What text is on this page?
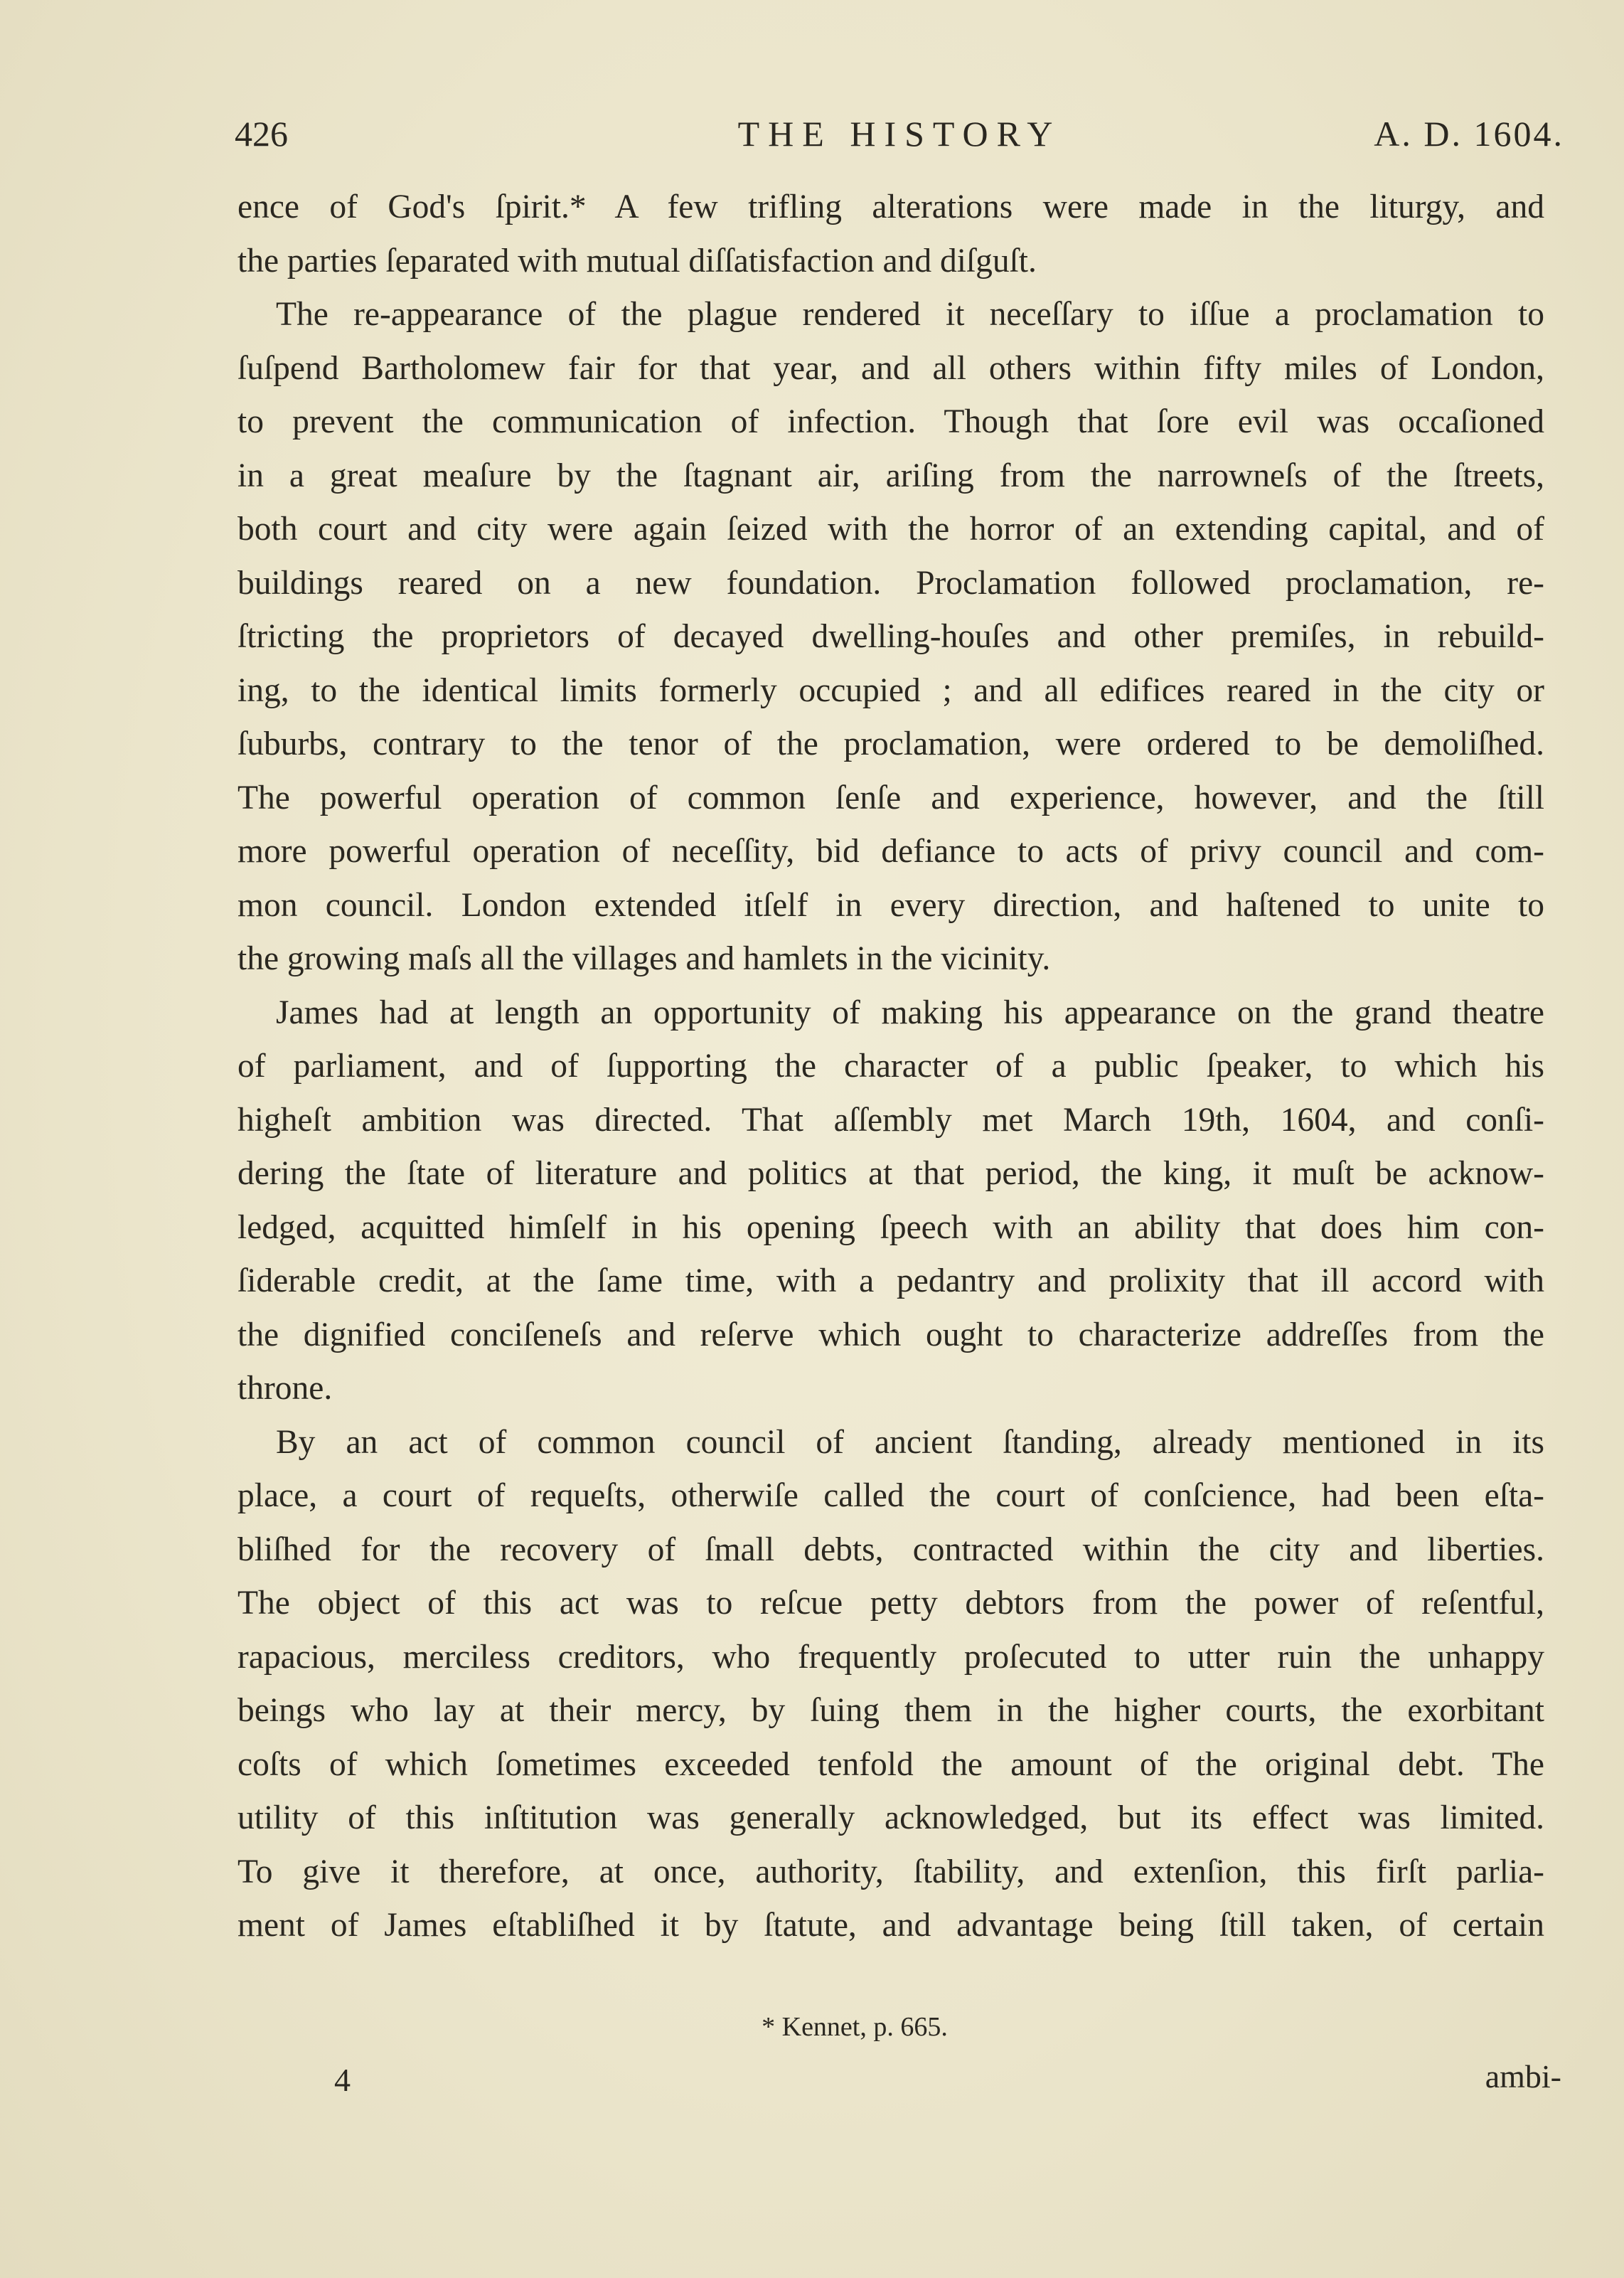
426	THE HISTORY	A. D. 1604.
ence of God's ſpirit.* A few trifling alterations were made in the liturgy, and
the parties ſeparated with mutual diſſatisfaction and diſguſt.
The re-appearance of the plague rendered it neceſſary to iſſue a proclamation to
ſuſpend Bartholomew fair for that year, and all others within fifty miles of London,
to prevent the communication of infection. Though that ſore evil was occaſioned
in a great meaſure by the ſtagnant air, ariſing from the narrowneſs of the ſtreets,
both court and city were again ſeized with the horror of an extending capital, and of
buildings reared on a new foundation. Proclamation followed proclamation, re-
ſtricting the proprietors of decayed dwelling-houſes and other premiſes, in rebuild-
ing, to the identical limits formerly occupied ; and all edifices reared in the city or
ſuburbs, contrary to the tenor of the proclamation, were ordered to be demoliſhed.
The powerful operation of common ſenſe and experience, however, and the ſtill
more powerful operation of neceſſity, bid defiance to acts of privy council and com-
mon council. London extended itſelf in every direction, and haſtened to unite to
the growing maſs all the villages and hamlets in the vicinity.
James had at length an opportunity of making his appearance on the grand theatre
of parliament, and of ſupporting the character of a public ſpeaker, to which his
higheſt ambition was directed. That aſſembly met March 19th, 1604, and conſi-
dering the ſtate of literature and politics at that period, the king, it muſt be acknow-
ledged, acquitted himſelf in his opening ſpeech with an ability that does him con-
ſiderable credit, at the ſame time, with a pedantry and prolixity that ill accord with
the dignified conciſeneſs and reſerve which ought to characterize addreſſes from the
throne.
By an act of common council of ancient ſtanding, already mentioned in its
place, a court of requeſts, otherwiſe called the court of conſcience, had been eſta-
bliſhed for the recovery of ſmall debts, contracted within the city and liberties.
The object of this act was to reſcue petty debtors from the power of reſentful,
rapacious, merciless creditors, who frequently proſecuted to utter ruin the unhappy
beings who lay at their mercy, by ſuing them in the higher courts, the exorbitant
coſts of which ſometimes exceeded tenfold the amount of the original debt. The
utility of this inſtitution was generally acknowledged, but its effect was limited.
To give it therefore, at once, authority, ſtability, and extenſion, this firſt parlia-
ment of James eſtabliſhed it by ſtatute, and advantage being ſtill taken, of certain
* Kennet, p. 665.
4	ambi-
